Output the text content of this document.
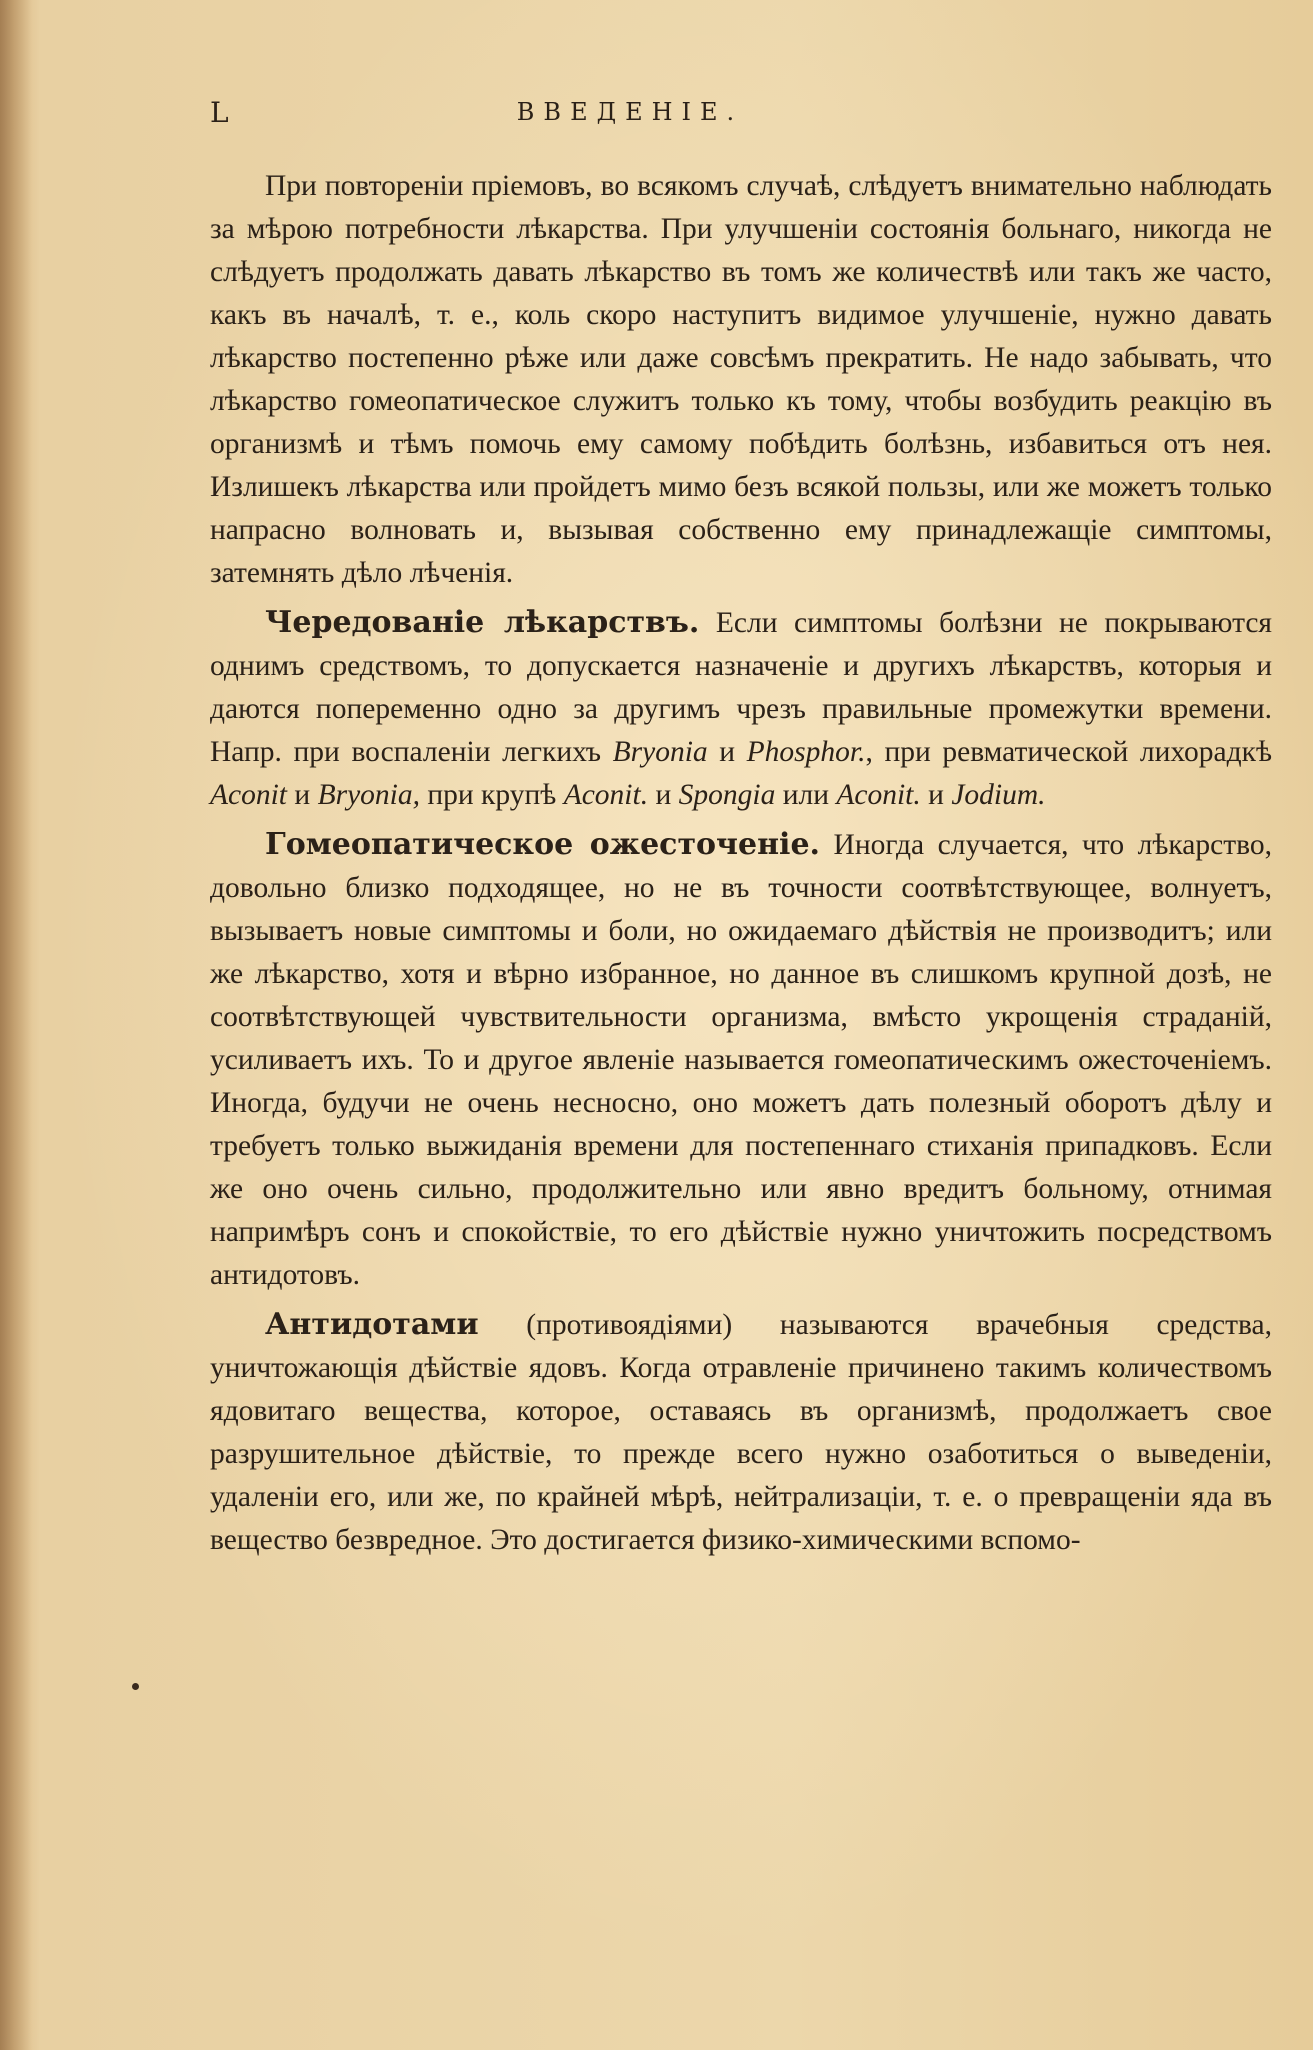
L	ВВЕДЕНІЕ.

При повтореніи пріемовъ, во всякомъ случаѣ, слѣдуетъ внимательно наблюдать за мѣрою потребности лѣкарства. При улучшеніи состоянія больнаго, никогда не слѣдуетъ продолжать давать лѣкарство въ томъ же количествѣ или такъ же часто, какъ въ началѣ, т. е., коль скоро наступитъ видимое улучшеніе, нужно давать лѣкарство постепенно рѣже или даже совсѣмъ прекратить. Не надо забывать, что лѣкарство гомеопатическое служитъ только къ тому, чтобы возбудить реакцію въ организмѣ и тѣмъ помочь ему самому побѣдить болѣзнь, избавиться отъ нея. Излишекъ лѣкарства или пройдетъ мимо безъ всякой пользы, или же можетъ только напрасно волновать и, вызывая собственно ему принадлежащіе симптомы, затемнять дѣло лѣченія.

Чередованіе лѣкарствъ. Если симптомы болѣзни не покрываются однимъ средствомъ, то допускается назначеніе и другихъ лѣкарствъ, которыя и даются попеременно одно за другимъ чрезъ правильные промежутки времени. Напр. при воспаленіи легкихъ Bryonia и Phosphor., при ревматической лихорадкѣ Aconit и Bryonia, при крупѣ Aconit. и Spongia или Aconit. и Jodium.

Гомеопатическое ожесточеніе. Иногда случается, что лѣкарство, довольно близко подходящее, но не въ точности соотвѣтствующее, волнуетъ, вызываетъ новые симптомы и боли, но ожидаемаго дѣйствія не производитъ; или же лѣкарство, хотя и вѣрно избранное, но данное въ слишкомъ крупной дозѣ, не соотвѣтствующей чувствительности организма, вмѣсто укрощенія страданій, усиливаетъ ихъ. То и другое явленіе называется гомеопатическимъ ожесточеніемъ. Иногда, будучи не очень несносно, оно можетъ дать полезный оборотъ дѣлу и требуетъ только выжиданія времени для постепеннаго стиханія припадковъ. Если же оно очень сильно, продолжительно или явно вредитъ больному, отнимая напримѣръ сонъ и спокойствіе, то его дѣйствіе нужно уничтожить посредствомъ антидотовъ.

Антидотами (противоядіями) называются врачебныя средства, уничтожающія дѣйствіе ядовъ. Когда отравленіе причинено такимъ количествомъ ядовитаго вещества, которое, оставаясь въ организмѣ, продолжаетъ свое разрушительное дѣйствіе, то прежде всего нужно озаботиться о выведеніи, удаленіи его, или же, по крайней мѣрѣ, нейтрализаціи, т. е. о превращеніи яда въ вещество безвредное. Это достигается физико-химическими вспомо-
